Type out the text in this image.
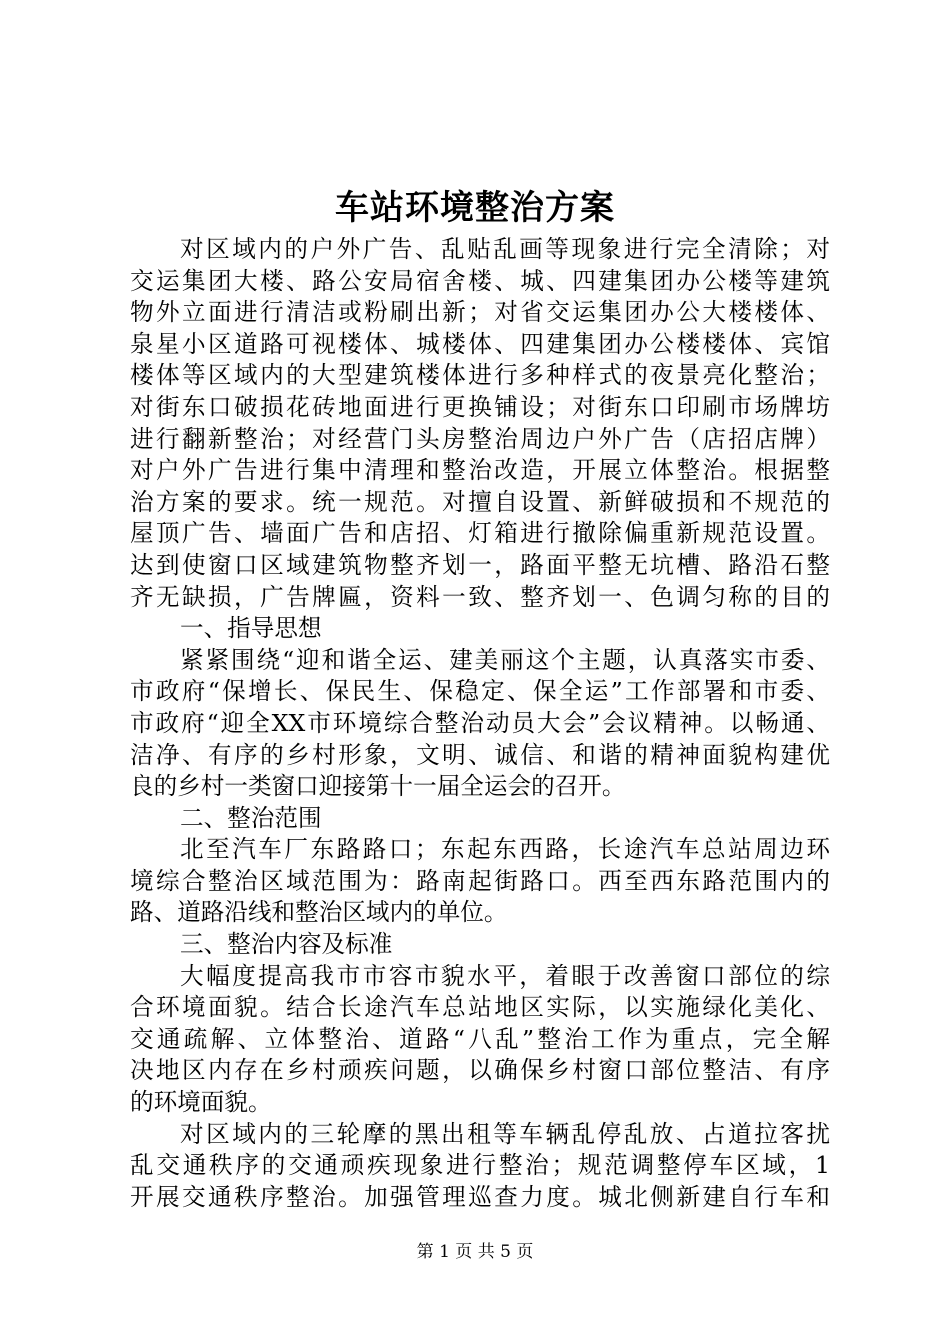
车站环境整治方案
对区域内的户外广告、乱贴乱画等现象进行完全清除；对
交运集团大楼、路公安局宿舍楼、城、四建集团办公楼等建筑
物外立面进行清洁或粉刷出新；对省交运集团办公大楼楼体、
泉星小区道路可视楼体、城楼体、四建集团办公楼楼体、宾馆
楼体等区域内的大型建筑楼体进行多种样式的夜景亮化整治；
对街东口破损花砖地面进行更换铺设；对街东口印刷市场牌坊
进行翻新整治；对经营门头房整治周边户外广告（店招店牌）
对户外广告进行集中清理和整治改造，开展立体整治。根据整
治方案的要求。统一规范。对擅自设置、新鲜破损和不规范的
屋顶广告、墙面广告和店招、灯箱进行撤除偏重新规范设置。
达到使窗口区域建筑物整齐划一，路面平整无坑槽、路沿石整
齐无缺损，广告牌匾，资料一致、整齐划一、色调匀称的目的
一、指导思想
紧紧围绕“迎和谐全运、建美丽这个主题，认真落实市委、
市政府“保增长、保民生、保稳定、保全运”工作部署和市委、
市政府“迎全XX市环境综合整治动员大会”会议精神。以畅通、
洁净、有序的乡村形象，文明、诚信、和谐的精神面貌构建优
良的乡村一类窗口迎接第十一届全运会的召开。
二、整治范围
北至汽车厂东路路口；东起东西路，长途汽车总站周边环
境综合整治区域范围为：路南起街路口。西至西东路范围内的
路、道路沿线和整治区域内的单位。
三、整治内容及标准
大幅度提高我市市容市貌水平，着眼于改善窗口部位的综
合环境面貌。结合长途汽车总站地区实际，以实施绿化美化、
交通疏解、立体整治、道路“八乱”整治工作为重点，完全解
决地区内存在乡村顽疾问题，以确保乡村窗口部位整洁、有序
的环境面貌。
对区域内的三轮摩的黑出租等车辆乱停乱放、占道拉客扰
乱交通秩序的交通顽疾现象进行整治；规范调整停车区域，1
开展交通秩序整治。加强管理巡查力度。城北侧新建自行车和
第 1 页 共 5 页
